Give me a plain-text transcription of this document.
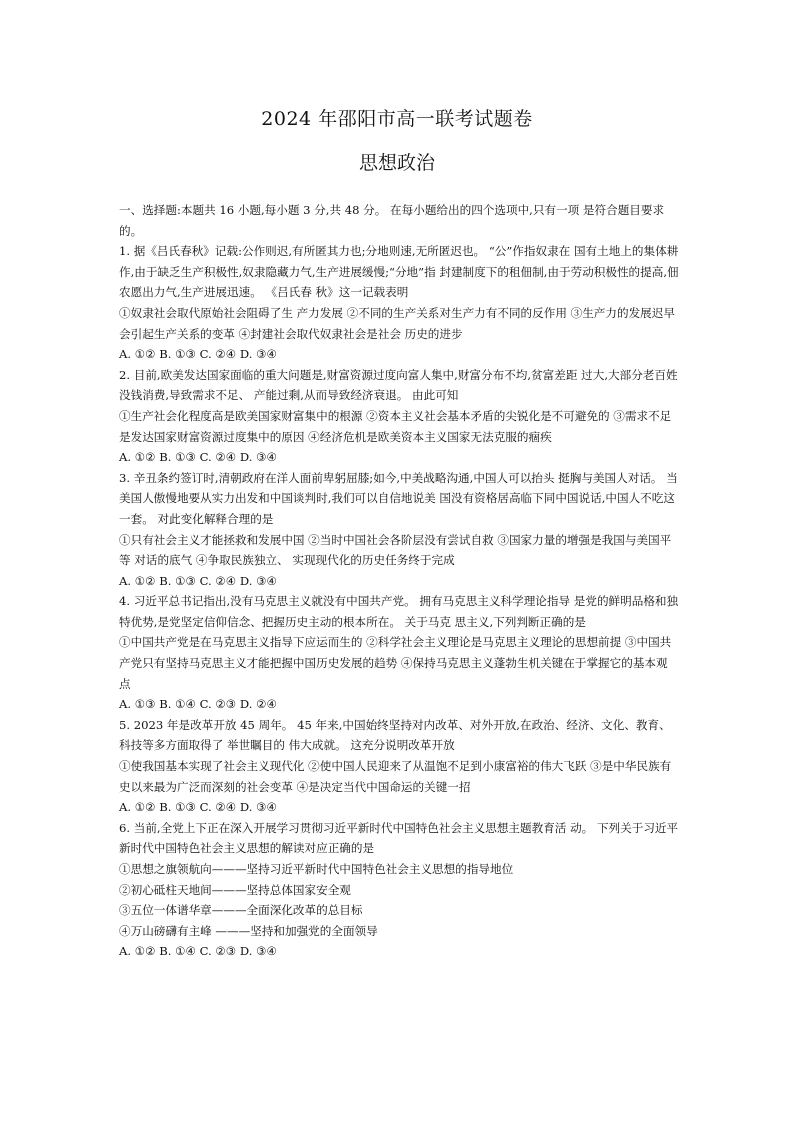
2024 年邵阳市高一联考试题卷
思想政治

一、选择题:本题共 16 小题,每小题 3 分,共 48 分。 在每小题给出的四个选项中,只有一项 是符合题目要求的。

1. 据《吕氏春秋》记载:公作则迟,有所匿其力也;分地则速,无所匿迟也。 “公”作指奴隶在 国有土地上的集体耕作,由于缺乏生产积极性,奴隶隐藏力气,生产进展缓慢;“分地”指 封建制度下的租佃制,由于劳动积极性的提高,佃农愿出力气,生产进展迅速。 《吕氏春 秋》这一记载表明

①奴隶社会取代原始社会阻碍了生 产力发展 ②不同的生产关系对生产力有不同的反作用 ③生产力的发展迟早会引起生产关系的变革 ④封建社会取代奴隶社会是社会 历史的进步

A. ①② B. ①③ C. ②④ D. ③④

2. 目前,欧美发达国家面临的重大问题是,财富资源过度向富人集中,财富分布不均,贫富差距 过大,大部分老百姓没钱消费,导致需求不足、 产能过剩,从而导致经济衰退。 由此可知

①生产社会化程度高是欧美国家财富集中的根源 ②资本主义社会基本矛盾的尖锐化是不可避免的 ③需求不足是发达国家财富资源过度集中的原因 ④经济危机是欧美资本主义国家无法克服的痼疾

A. ①② B. ①③ C. ②④ D. ③④

3. 辛丑条约签订时,清朝政府在洋人面前卑躬屈膝;如今,中美战略沟通,中国人可以抬头 挺胸与美国人对话。 当美国人傲慢地要从实力出发和中国谈判时,我们可以自信地说美 国没有资格居高临下同中国说话,中国人不吃这一套。 对此变化解释合理的是

①只有社会主义才能拯救和发展中国 ②当时中国社会各阶层没有尝试自救 ③国家力量的增强是我国与美国平等 对话的底气 ④争取民族独立、 实现现代化的历史任务终于完成

A. ①② B. ①③ C. ②④ D. ③④

4. 习近平总书记指出,没有马克思主义就没有中国共产党。 拥有马克思主义科学理论指导 是党的鲜明品格和独特优势,是党坚定信仰信念、把握历史主动的根本所在。 关于马克 思主义,下列判断正确的是

①中国共产党是在马克思主义指导下应运而生的 ②科学社会主义理论是马克思主义理论的思想前提 ③中国共产党只有坚持马克思主义才能把握中国历史发展的趋势 ④保持马克思主义蓬勃生机关键在于掌握它的基本观点

A. ①③ B. ①④ C. ②③ D. ②④

5. 2023 年是改革开放 45 周年。 45 年来,中国始终坚持对内改革、对外开放,在政治、经济、文化、教育、科技等多方面取得了 举世瞩目的 伟大成就。 这充分说明改革开放

①使我国基本实现了社会主义现代化 ②使中国人民迎来了从温饱不足到小康富裕的伟大飞跃 ③是中华民族有史以来最为广泛而深刻的社会变革 ④是决定当代中国命运的关键一招

A. ①② B. ①③ C. ②④ D. ③④

6. 当前,全党上下正在深入开展学习贯彻习近平新时代中国特色社会主义思想主题教育活 动。 下列关于习近平新时代中国特色社会主义思想的解读对应正确的是

①思想之旗领航向———坚持习近平新时代中国特色社会主义思想的指导地位

②初心砥柱天地间———坚持总体国家安全观

③五位一体谱华章———全面深化改革的总目标

④万山磅礴有主峰 ———坚持和加强党的全面领导

A. ①② B. ①④ C. ②③ D. ③④
